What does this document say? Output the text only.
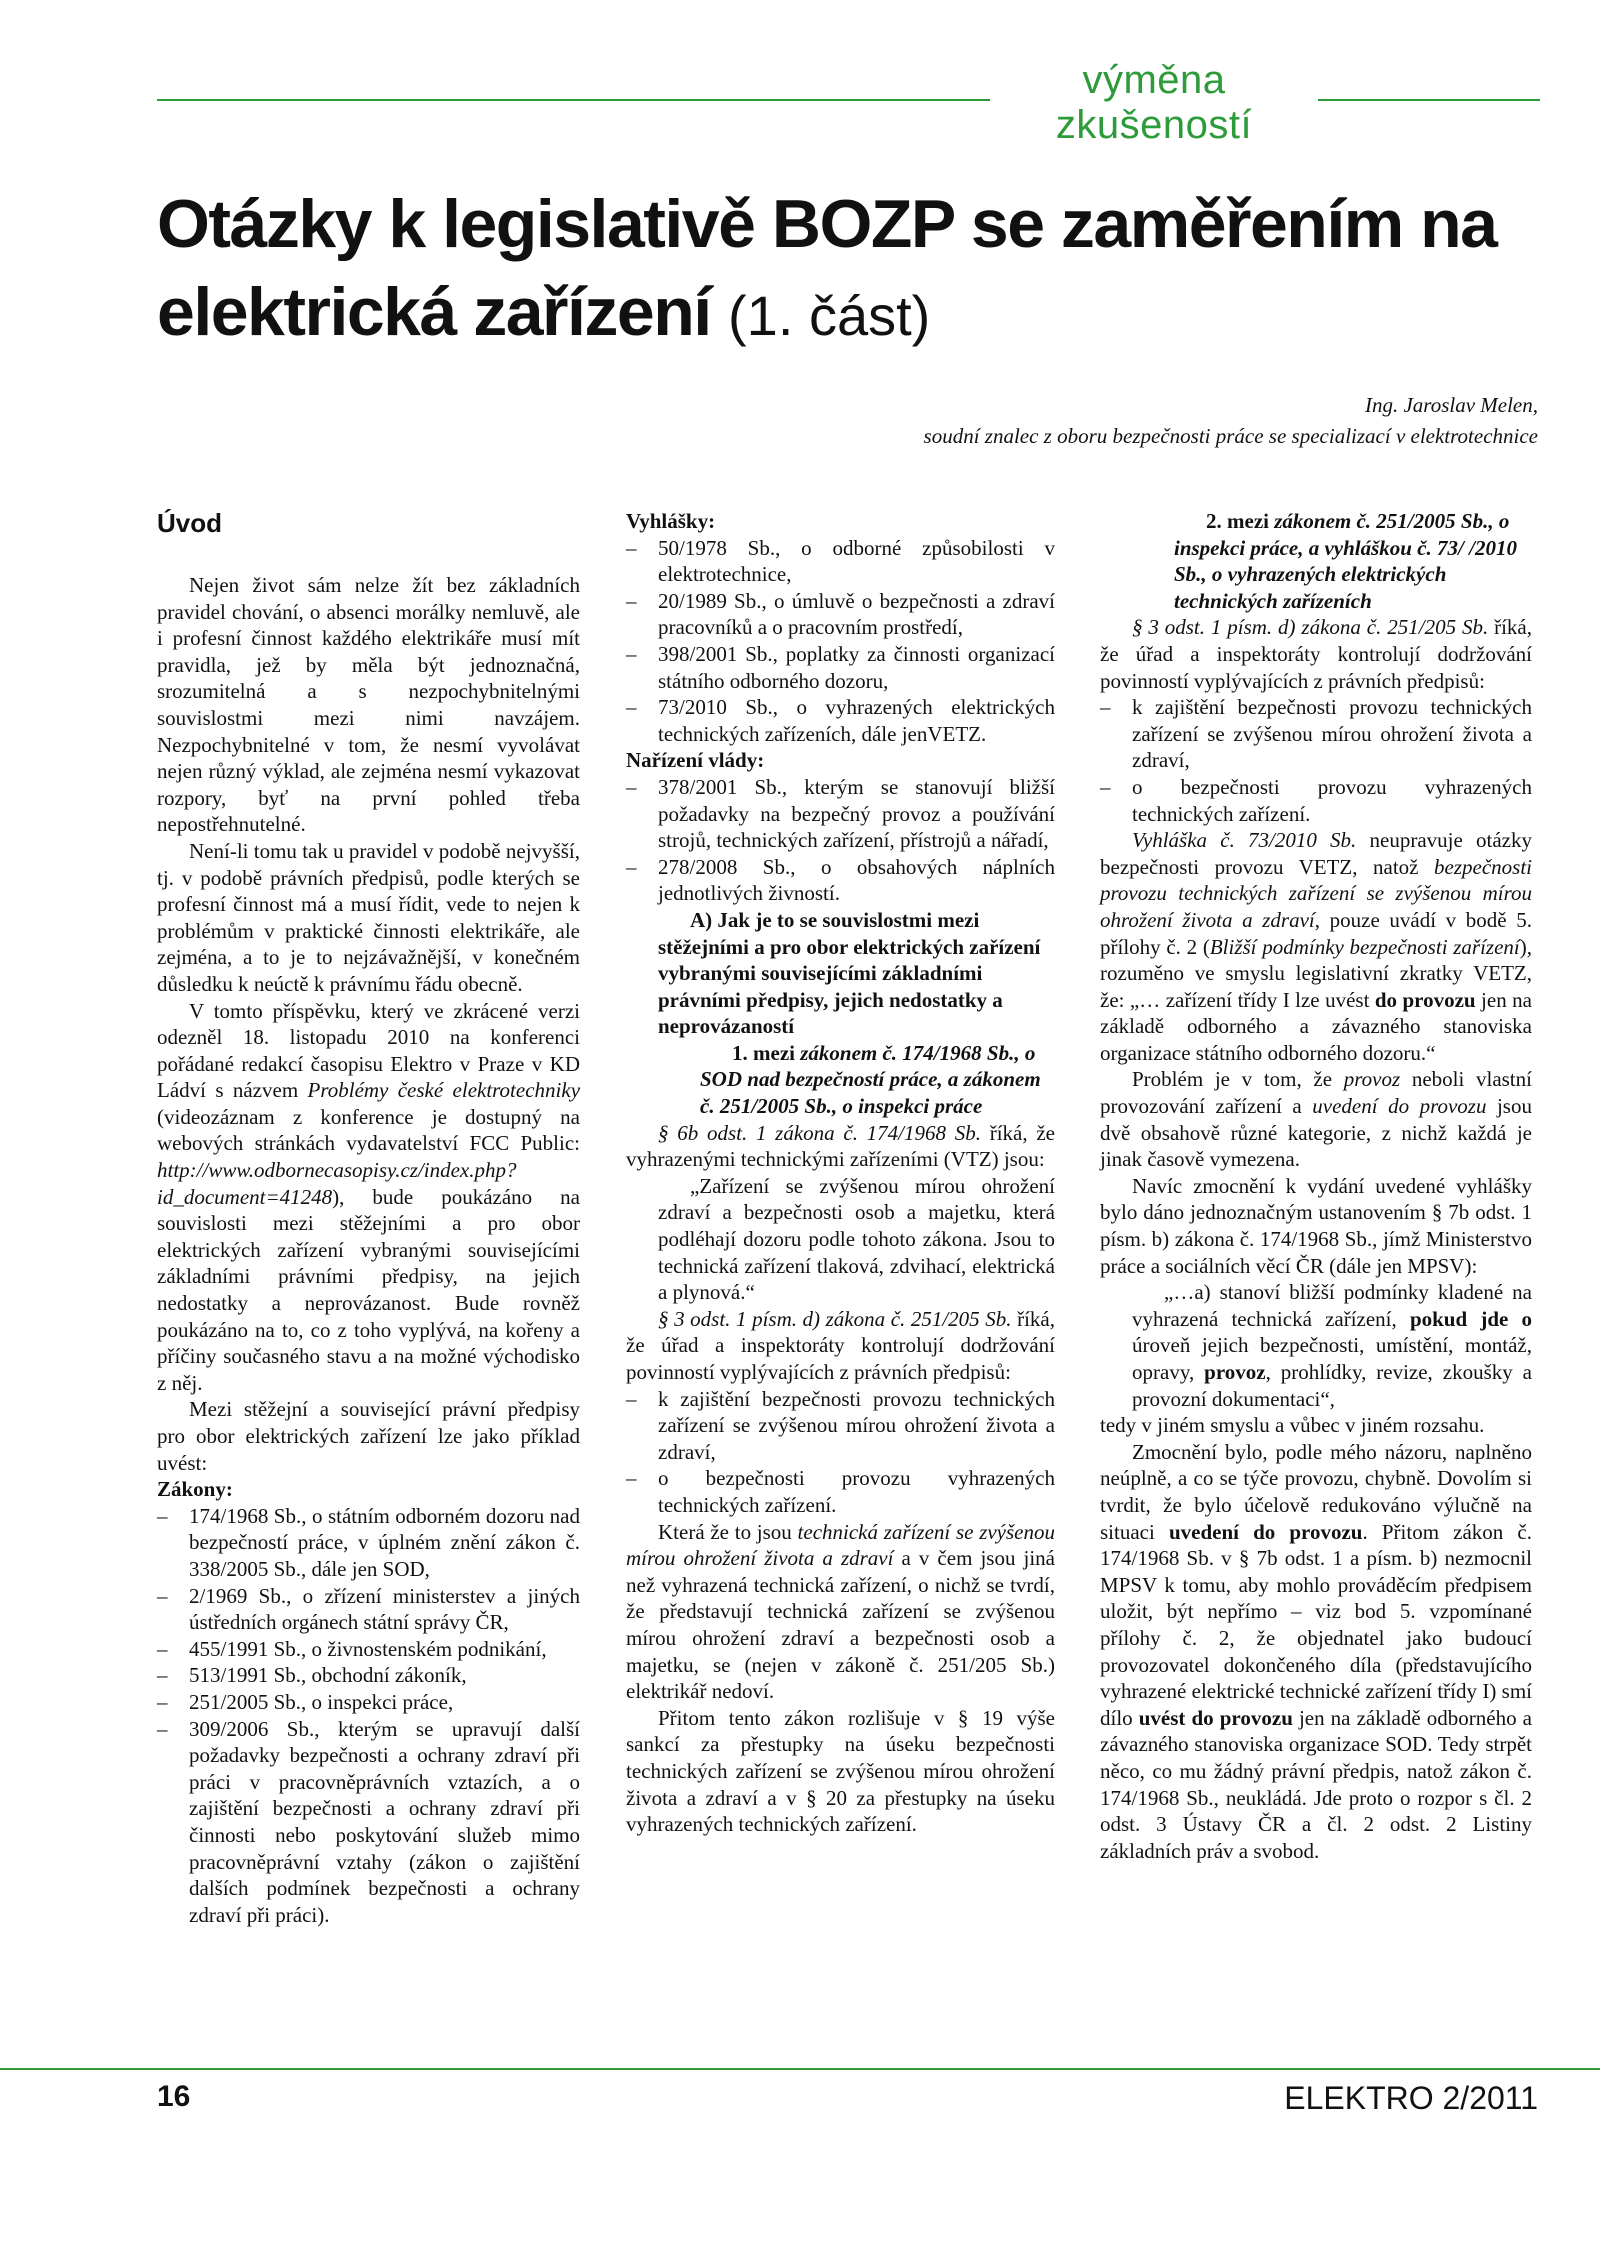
výměna zkušeností
Otázky k legislativě BOZP se zaměřením na elektrická zařízení (1. část)
Ing. Jaroslav Melen,
soudní znalec z oboru bezpečnosti práce se specializací v elektrotechnice
Úvod

Nejen život sám nelze žít bez základních pravidel chování, o absenci morálky nemluvě, ale i profesní činnost každého elektrikáře musí mít pravidla, jež by měla být jednoznačná, srozumitelná a s nezpochybnitelnými souvislostmi mezi nimi navzájem. Nezpochybnitelné v tom, že nesmí vyvolávat nejen různý výklad, ale zejména nesmí vykazovat rozpory, byť na první pohled třeba nepostřehnutelné.

Není-li tomu tak u pravidel v podobě nejvyšší, tj. v podobě právních předpisů, podle kterých se profesní činnost má a musí řídit, vede to nejen k problémům v praktické činnosti elektrikáře, ale zejména, a to je to nejzávažnější, v konečném důsledku k neúctě k právnímu řádu obecně.

V tomto příspěvku, který ve zkrácené verzi odezněl 18. listopadu 2010 na konferenci pořádané redakcí časopisu Elektro v Praze v KD Ládví s názvem Problémy české elektrotechniky (videozáznam z konference je dostupný na webových stránkách vydavatelství FCC Public: http://www.odbornecasopisy.cz/index.php?id_document=41248), bude poukázáno na souvislosti mezi stěžejními a pro obor elektrických zařízení vybranými souvisejícími základními právními předpisy, na jejich nedostatky a neprovázanost. Bude rovněž poukázáno na to, co z toho vyplývá, na kořeny a příčiny současného stavu a na možné východisko z něj.

Mezi stěžejní a související právní předpisy pro obor elektrických zařízení lze jako příklad uvést:

Zákony:
– 174/1968 Sb., o státním odborném dozoru nad bezpečností práce, v úplném znění zákon č. 338/2005 Sb., dále jen SOD,
– 2/1969 Sb., o zřízení ministerstev a jiných ústředních orgánech státní správy ČR,
– 455/1991 Sb., o živnostenském podnikání,
– 513/1991 Sb., obchodní zákoník,
– 251/2005 Sb., o inspekci práce,
– 309/2006 Sb., kterým se upravují další požadavky bezpečnosti a ochrany zdraví při práci v pracovněprávních vztazích, a o zajištění bezpečnosti a ochrany zdraví při činnosti nebo poskytování služeb mimo pracovněprávní vztahy (zákon o zajištění dalších podmínek bezpečnosti a ochrany zdraví při práci).
Vyhlášky:
– 50/1978 Sb., o odborné způsobilosti v elektrotechnice,
– 20/1989 Sb., o úmluvě o bezpečnosti a zdraví pracovníků a o pracovním prostředí,
– 398/2001 Sb., poplatky za činnosti organizací státního odborného dozoru,
– 73/2010 Sb., o vyhrazených elektrických technických zařízeních, dále jenVETZ.
Nařízení vlády:
– 378/2001 Sb., kterým se stanovují bližší požadavky na bezpečný provoz a používání strojů, technických zařízení, přístrojů a nářadí,
– 278/2008 Sb., o obsahových náplních jednotlivých živností.

A) Jak je to se souvislostmi mezi stěžejními a pro obor elektrických zařízení vybranými souvisejícími základními právními předpisy, jejich nedostatky a neprovázaností

1. mezi zákonem č. 174/1968 Sb., o SOD nad bezpečností práce, a zákonem č. 251/2005 Sb., o inspekci práce

§ 6b odst. 1 zákona č. 174/1968 Sb. říká, že vyhrazenými technickými zařízeními (VTZ) jsou:

„Zařízení se zvýšenou mírou ohrožení zdraví a bezpečnosti osob a majetku, která podléhají dozoru podle tohoto zákona. Jsou to technická zařízení tlaková, zdvihací, elektrická a plynová.“

§ 3 odst. 1 písm. d) zákona č. 251/205 Sb. říká, že úřad a inspektoráty kontrolují dodržování povinností vyplývajících z právních předpisů:

– k zajištění bezpečnosti provozu technických zařízení se zvýšenou mírou ohrožení života a zdraví,
– o bezpečnosti provozu vyhrazených technických zařízení.

Která že to jsou technická zařízení se zvýšenou mírou ohrožení života a zdraví a v čem jsou jiná než vyhrazená technická zařízení, o nichž se tvrdí, že představují technická zařízení se zvýšenou mírou ohrožení zdraví a bezpečnosti osob a majetku, se (nejen v zákoně č. 251/205 Sb.) elektrikář nedoví.

Přitom tento zákon rozlišuje v § 19 výše sankcí za přestupky na úseku bezpečnosti technických zařízení se zvýšenou mírou ohrožení života a zdraví a v § 20 za přestupky na úseku vyhrazených technických zařízení.

2. mezi zákonem č. 251/2005 Sb., o inspekci práce, a vyhláškou č. 73/ /2010 Sb., o vyhrazených elektrických technických zařízeních

§ 3 odst. 1 písm. d) zákona č. 251/205 Sb. říká, že úřad a inspektoráty kontrolují dodržování povinností vyplývajících z právních předpisů:

– k zajištění bezpečnosti provozu technických zařízení se zvýšenou mírou ohrožení života a zdraví,
– o bezpečnosti provozu vyhrazených technických zařízení.

Vyhláška č. 73/2010 Sb. neupravuje otázky bezpečnosti provozu VETZ, natož bezpečnosti provozu technických zařízení se zvýšenou mírou ohrožení života a zdraví, pouze uvádí v bodě 5. přílohy č. 2 (Bližší podmínky bezpečnosti zařízení), rozuměno ve smyslu legislativní zkratky VETZ, že: „… zařízení třídy I lze uvést do provozu jen na základě odborného a závazného stanoviska organizace státního odborného dozoru.“

Problém je v tom, že provoz neboli vlastní provozování zařízení a uvedení do provozu jsou dvě obsahově různé kategorie, z nichž každá je jinak časově vymezena.

Navíc zmocnění k vydání uvedené vyhlášky bylo dáno jednoznačným ustanovením § 7b odst. 1 písm. b) zákona č. 174/1968 Sb., jímž Ministerstvo práce a sociálních věcí ČR (dále jen MPSV):

„…a) stanoví bližší podmínky kladené na vyhrazená technická zařízení, pokud jde o úroveň jejich bezpečnosti, umístění, montáž, opravy, provoz, prohlídky, revize, zkoušky a provozní dokumentaci“,

tedy v jiném smyslu a vůbec v jiném rozsahu.

Zmocnění bylo, podle mého názoru, naplněno neúplně, a co se týče provozu, chybně. Dovolím si tvrdit, že bylo účelově redukováno výlučně na situaci uvedení do provozu. Přitom zákon č. 174/1968 Sb. v § 7b odst. 1 a písm. b) nezmocnil MPSV k tomu, aby mohlo prováděcím předpisem uložit, být nepřímo – viz bod 5. vzpomínané přílohy č. 2, že objednatel jako budoucí provozovatel dokončeného díla (představujícího vyhrazené elektrické technické zařízení třídy I) smí dílo uvést do provozu jen na základě odborného a závazného stanoviska organizace SOD. Tedy strpět něco, co mu žádný právní předpis, natož zákon č. 174/1968 Sb., neukládá. Jde proto o rozpor s čl. 2 odst. 3 Ústavy ČR a čl. 2 odst. 2 Listiny základních práv a svobod.

16	ELEKTRO 2/2011
